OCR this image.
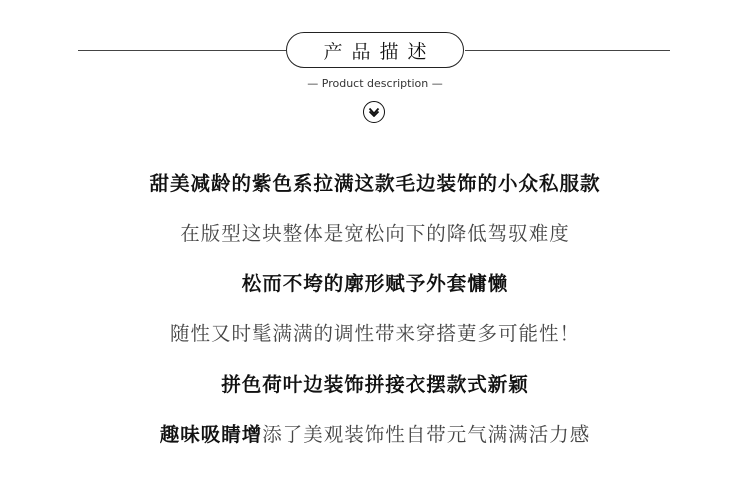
产品描述
— Product description —
甜美减龄的紫色系拉满这款毛边装饰的小众私服款
在版型这块整体是宽松向下的降低驾驭难度
松而不垮的廓形赋予外套慵懒
随性又时髦满满的调性带来穿搭莄多可能性！
拼色荷叶边装饰拼接衣摆款式新颖
趣味吸睛增添了美观装饰性自带元气满满活力感
